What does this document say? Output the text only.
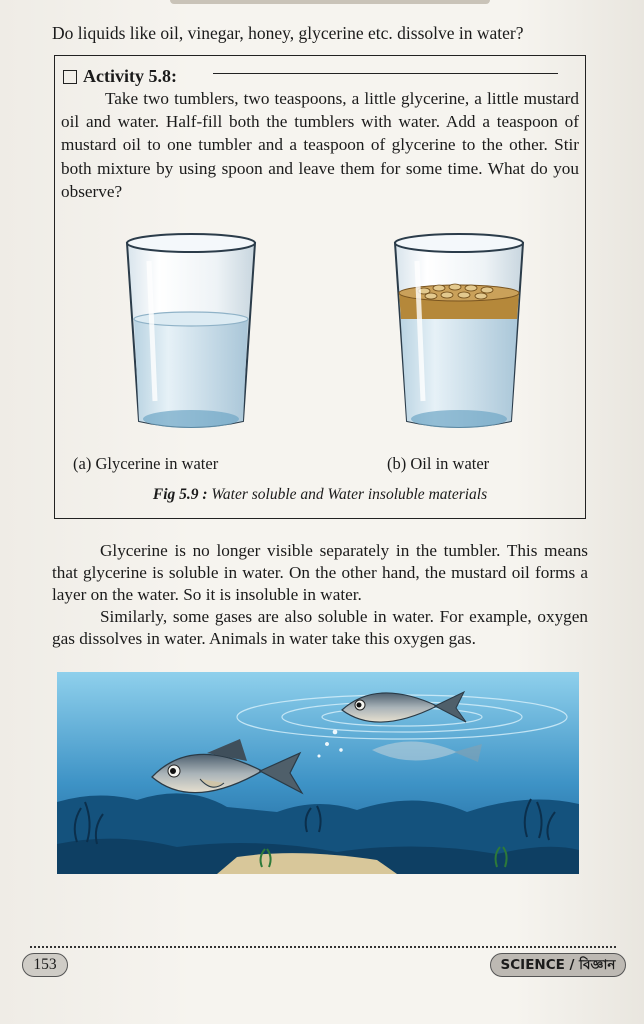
Do liquids like oil, vinegar, honey, glycerine etc. dissolve in water?
Activity 5.8:
Take two tumblers, two teaspoons, a little glycerine, a little mustard oil and water. Half-fill both the tumblers with water. Add a teaspoon of mustard oil to one tumbler and a teaspoon of glycerine to the other. Stir both mixture by using spoon and leave them for some time. What do you observe?
(a) Glycerine in water	(b) Oil in water
Fig 5.9 : Water soluble and Water insoluble materials
Glycerine is no longer visible separately in the tumbler. This means that glycerine is soluble in water. On the other hand, the mustard oil forms a layer on the water. So it is insoluble in water.
Similarly, some gases are also soluble in water. For example, oxygen gas dissolves in water. Animals in water take this oxygen gas.
153	SCIENCE / বিজ্ঞান
